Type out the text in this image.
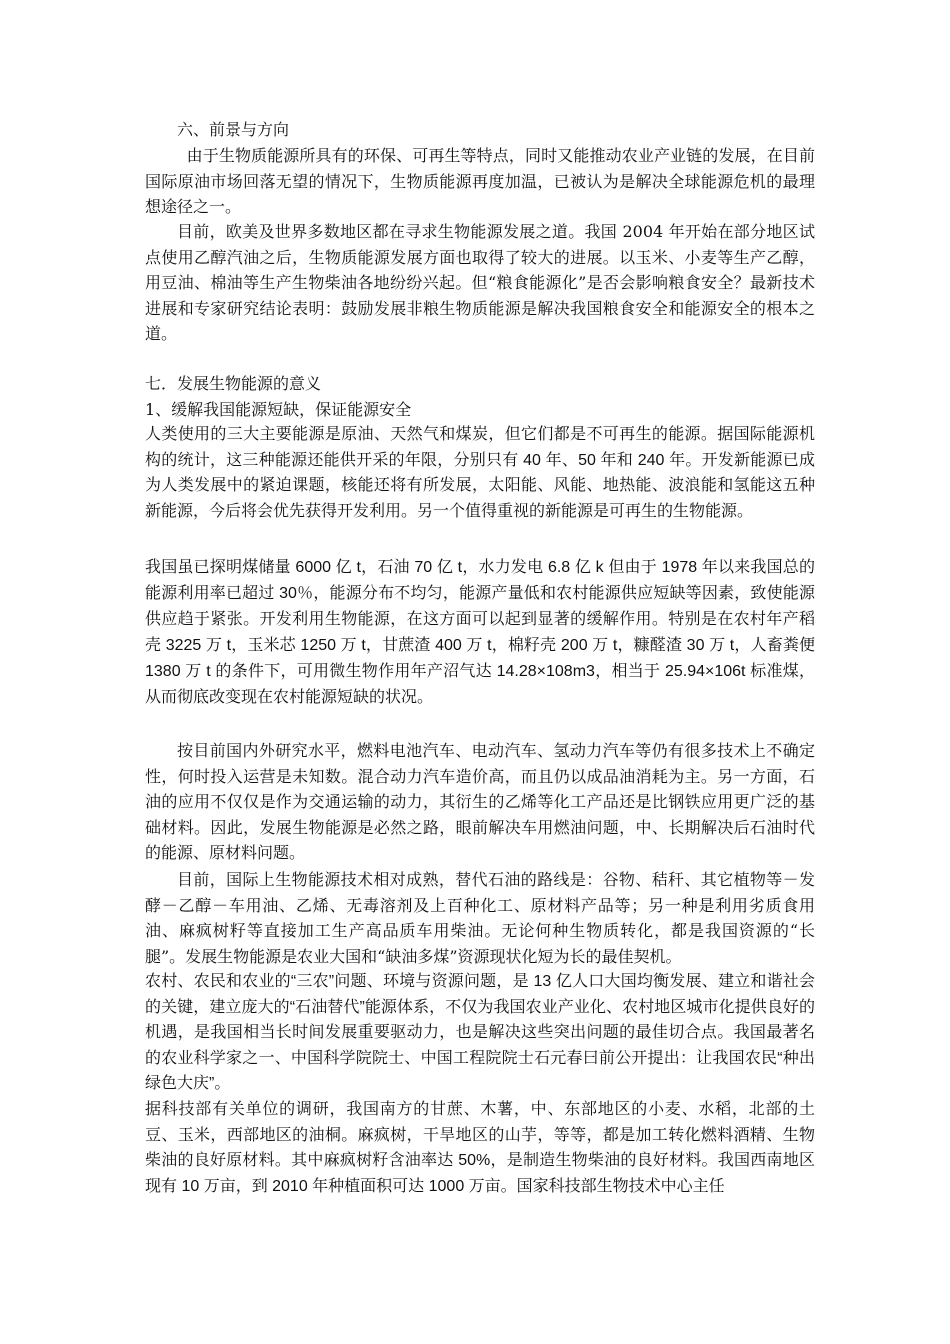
六、前景与方向

由于生物质能源所具有的环保、可再生等特点，同时又能推动农业产业链的发展，在目前国际原油市场回落无望的情况下，生物质能源再度加温，已被认为是解决全球能源危机的最理想途径之一。

目前，欧美及世界多数地区都在寻求生物能源发展之道。我国 2004 年开始在部分地区试点使用乙醇汽油之后，生物质能源发展方面也取得了较大的进展。以玉米、小麦等生产乙醇，用豆油、棉油等生产生物柴油各地纷纷兴起。但“粮食能源化”是否会影响粮食安全？最新技术进展和专家研究结论表明：鼓励发展非粮生物质能源是解决我国粮食安全和能源安全的根本之道。

七．发展生物能源的意义

1、缓解我国能源短缺，保证能源安全

人类使用的三大主要能源是原油、天然气和煤炭，但它们都是不可再生的能源。据国际能源机构的统计，这三种能源还能供开采的年限，分别只有 40 年、50 年和 240 年。开发新能源已成为人类发展中的紧迫课题，核能还将有所发展，太阳能、风能、地热能、波浪能和氢能这五种新能源，今后将会优先获得开发利用。另一个值得重视的新能源是可再生的生物能源。

我国虽已探明煤储量 6000 亿 t，石油 70 亿 t，水力发电 6.8 亿 k 但由于 1978 年以来我国总的能源利用率已超过 30％，能源分布不均匀，能源产量低和农村能源供应短缺等因素，致使能源供应趋于紧张。开发利用生物能源，在这方面可以起到显著的缓解作用。特别是在农村年产稻壳 3225 万 t，玉米芯 1250 万 t，甘蔗渣 400 万 t，棉籽壳 200 万 t，糠醛渣 30 万 t，人畜粪便 1380 万 t 的条件下，可用微生物作用年产沼气达 14.28×108m3，相当于 25.94×106t 标准煤，从而彻底改变现在农村能源短缺的状况。

按目前国内外研究水平，燃料电池汽车、电动汽车、氢动力汽车等仍有很多技术上不确定性，何时投入运营是未知数。混合动力汽车造价高，而且仍以成品油消耗为主。另一方面，石油的应用不仅仅是作为交通运输的动力，其衍生的乙烯等化工产品还是比钢铁应用更广泛的基础材料。因此，发展生物能源是必然之路，眼前解决车用燃油问题，中、长期解决后石油时代的能源、原材料问题。

目前，国际上生物能源技术相对成熟，替代石油的路线是：谷物、秸秆、其它植物等－发酵－乙醇－车用油、乙烯、无毒溶剂及上百种化工、原材料产品等；另一种是利用劣质食用油、麻疯树籽等直接加工生产高品质车用柴油。无论何种生物质转化，都是我国资源的“长腿”。发展生物能源是农业大国和“缺油多煤”资源现状化短为长的最佳契机。

农村、农民和农业的“三农”问题、环境与资源问题，是 13 亿人口大国均衡发展、建立和谐社会的关键，建立庞大的“石油替代”能源体系，不仅为我国农业产业化、农村地区城市化提供良好的机遇，是我国相当长时间发展重要驱动力，也是解决这些突出问题的最佳切合点。我国最著名的农业科学家之一、中国科学院院士、中国工程院院士石元春曰前公开提出：让我国农民“种出绿色大庆”。

据科技部有关单位的调研，我国南方的甘蔗、木薯，中、东部地区的小麦、水稻，北部的土豆、玉米，西部地区的油桐。麻疯树，干旱地区的山芋，等等，都是加工转化燃料酒精、生物柴油的良好原材料。其中麻疯树籽含油率达 50%，是制造生物柴油的良好材料。我国西南地区现有 10 万亩，到 2010 年种植面积可达 1000 万亩。国家科技部生物技术中心主任
